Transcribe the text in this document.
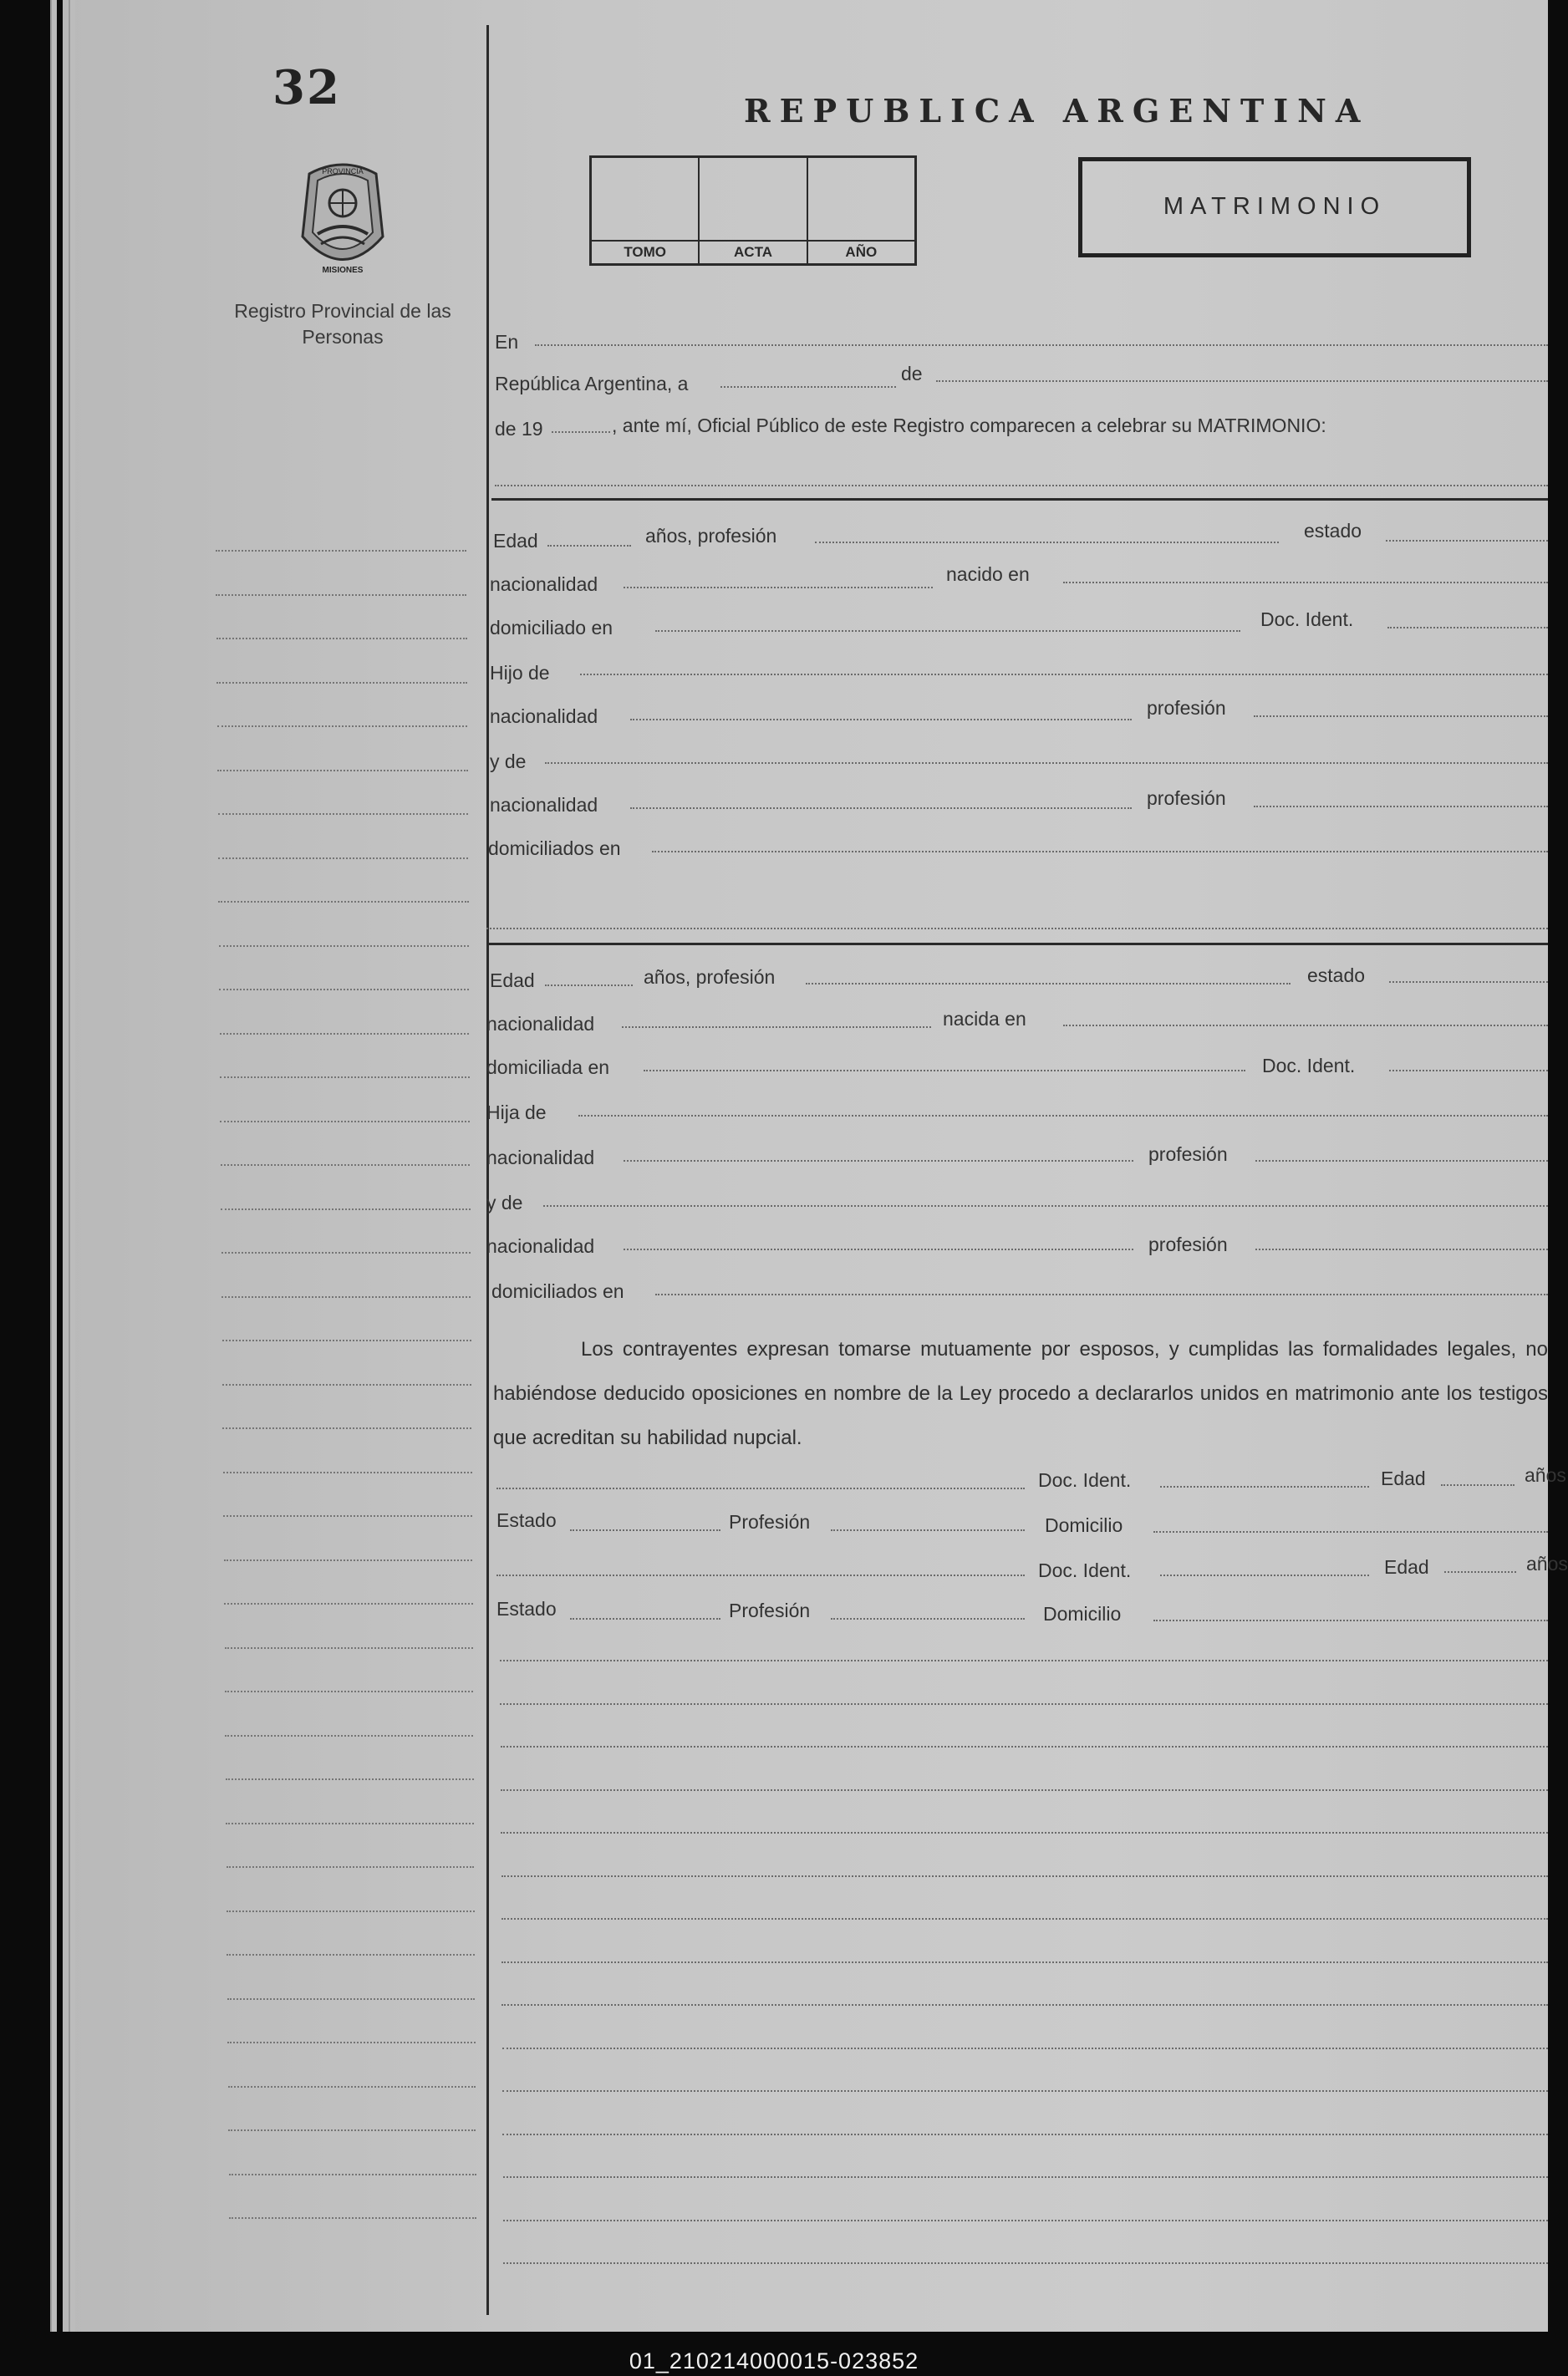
32
PROVINCIA
MISIONES
Registro Provincial de las Personas
REPUBLICA ARGENTINA
TOMO	ACTA	AÑO
MATRIMONIO
En
República Argentina, a	de
de 19	, ante mí, Oficial Público de este Registro comparecen a celebrar su MATRIMONIO:
Edad	años, profesión	estado
nacionalidad	nacido en
domiciliado en	Doc. Ident.
Hijo de
nacionalidad	profesión
y de
nacionalidad	profesión
domiciliados en
Edad	años, profesión	estado
nacionalidad	nacida en
domiciliada en	Doc. Ident.
Hija de
nacionalidad	profesión
y de
nacionalidad	profesión
domiciliados en
Los contrayentes expresan tomarse mutuamente por esposos, y cumplidas las formalidades legales, no habiéndose deducido oposiciones en nombre de la Ley procedo a declararlos unidos en matrimonio ante los testigos que acreditan su habilidad nupcial.
Doc. Ident.	Edad	años
Estado	Profesión	Domicilio
Doc. Ident.	Edad	años
Estado	Profesión	Domicilio
01_210214000015-023852
